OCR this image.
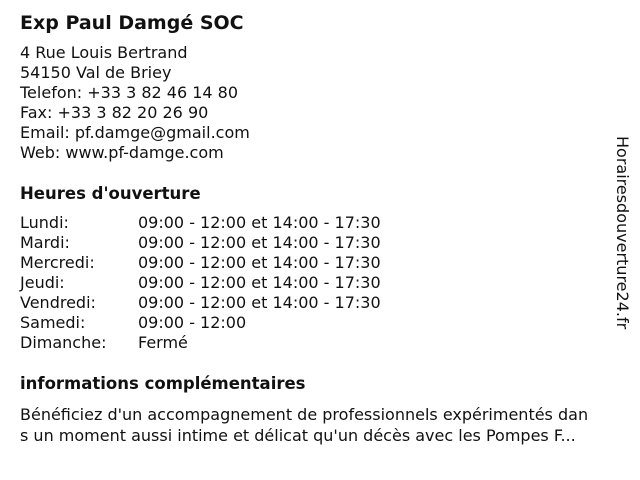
Exp Paul Damgé SOC
4 Rue Louis Bertrand
54150 Val de Briey
Telefon: +33 3 82 46 14 80
Fax: +33 3 82 20 26 90
Email: pf.damge@gmail.com
Web: www.pf-damge.com
Heures d'ouverture
Lundi:	09:00 - 12:00 et 14:00 - 17:30
Mardi:	09:00 - 12:00 et 14:00 - 17:30
Mercredi:	09:00 - 12:00 et 14:00 - 17:30
Jeudi:	09:00 - 12:00 et 14:00 - 17:30
Vendredi:	09:00 - 12:00 et 14:00 - 17:30
Samedi:	09:00 - 12:00
Dimanche: Fermé
informations complémentaires
Bénéficiez d'un accompagnement de professionnels expérimentés dan
s un moment aussi intime et délicat qu'un décès avec les Pompes F...
Horairesdouverture24.fr
